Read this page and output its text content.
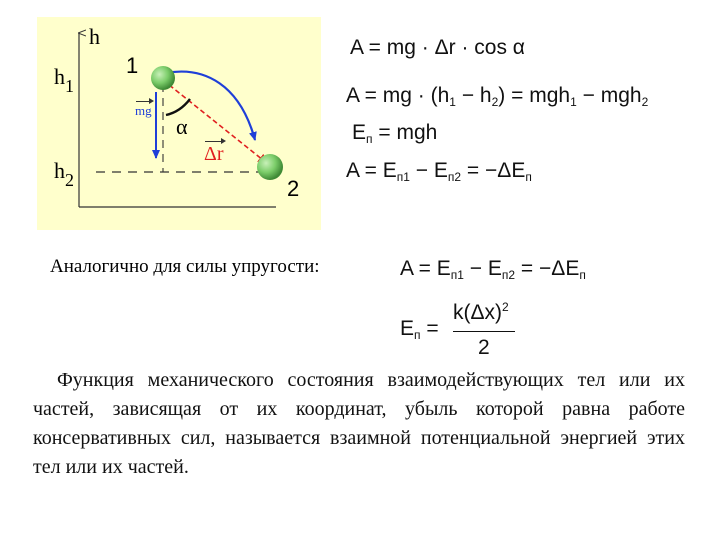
h
$h_1$
$h_2$
1
2
mg
α
Δr
A = mg · Δr · cos α
A = mg · $(h_1 - h_2) = mgh_1 - mgh_2$
$E_п$ = mgh
$A = E_{п1} - E_{п2} = -\Delta E_п$
Аналогично для силы упругости:	$A = E_{п1} - E_{п2} = -\Delta E_п$
$E_п$ =
$k(\Delta x)^2$
2
Функция механического состояния взаимодействующих тел или их частей, зависящая от их координат, убыль которой равна работе консервативных сил, называется взаимной потенциальной энергией этих тел или их частей.
